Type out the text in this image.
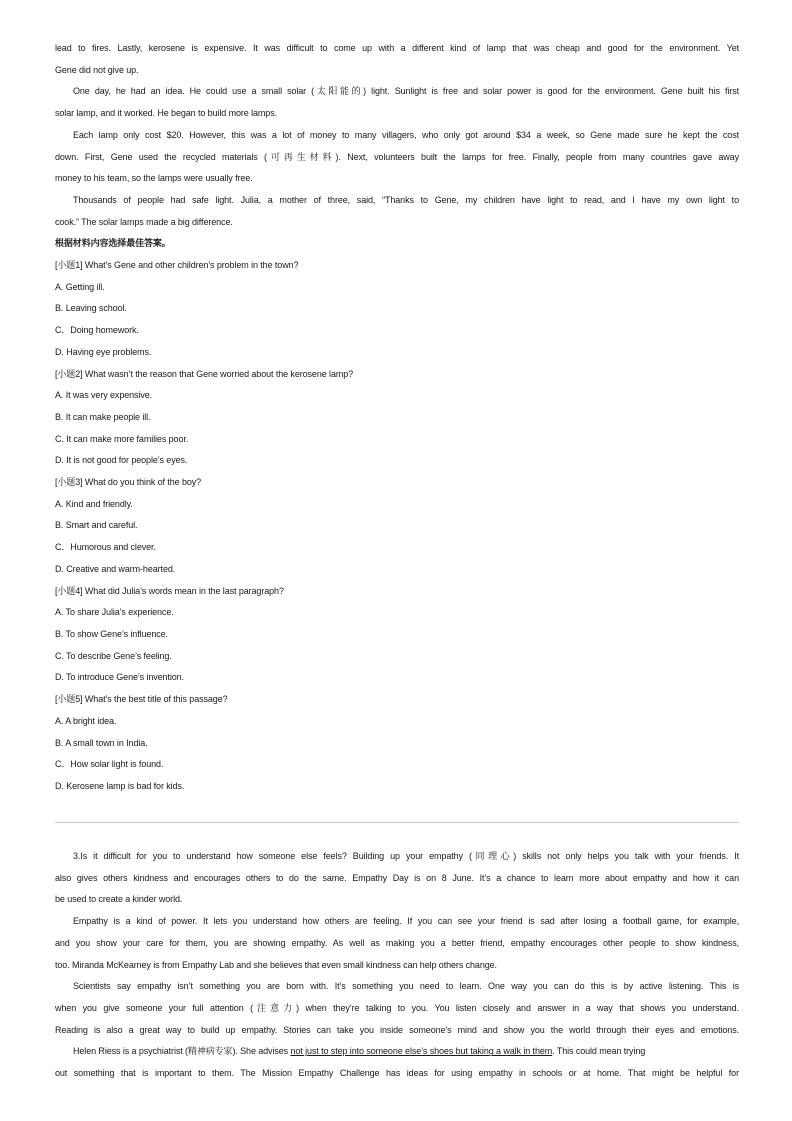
lead to fires. Lastly, kerosene is expensive. It was difficult to come up with a different kind of lamp that was cheap and good for the environment. Yet
Gene did not give up.
One day, he had an idea. He could use a small solar (太阳能的) light. Sunlight is free and solar power is good for the environment. Gene built his first
solar lamp, and it worked. He began to build more lamps.
Each lamp only cost $20. However, this was a lot of money to many villagers, who only got around $34 a week, so Gene made sure he kept the cost
down. First, Gene used the recycled materials (可再生材料). Next, volunteers built the lamps for free. Finally, people from many countries gave away
money to his team, so the lamps were usually free.
Thousands of people had safe light. Julia, a mother of three, said, “Thanks to Gene, my children have light to read, and I have my own light to
cook.” The solar lamps made a big difference.
根据材料内容选择最佳答案。
[小题1] What’s Gene and other children’s problem in the town?
A. Getting ill.
B. Leaving school.
C．Doing homework.
D. Having eye problems.
[小题2] What wasn’t the reason that Gene worried about the kerosene lamp?
A. It was very expensive.
B. It can make people ill.
C. It can make more families poor.
D. It is not good for people’s eyes.
[小题3] What do you think of the boy?
A. Kind and friendly.
B. Smart and careful.
C．Humorous and clever.
D. Creative and warm-hearted.
[小题4] What did Julia’s words mean in the last paragraph?
A. To share Julia’s experience.
B. To show Gene’s influence.
C. To describe Gene’s feeling.
D. To introduce Gene’s invention.
[小题5] What’s the best title of this passage?
A. A bright idea.
B. A small town in India.
C．How solar light is found.
D. Kerosene lamp is bad for kids.
3.Is it difficult for you to understand how someone else feels? Building up your empathy (同理心) skills not only helps you talk with your friends. It
also gives others kindness and encourages others to do the same. Empathy Day is on 8 June. It’s a chance to learn more about empathy and how it can
be used to create a kinder world.
Empathy is a kind of power. It lets you understand how others are feeling. If you can see your friend is sad after losing a football game, for example,
and you show your care for them, you are showing empathy. As well as making you a better friend, empathy encourages other people to show kindness,
too. Miranda McKearney is from Empathy Lab and she believes that even small kindness can help others change.
Scientists say empathy isn’t something you are born with. It’s something you need to learn. One way you can do this is by active listening. This is
when you give someone your full attention (注意力) when they’re talking to you. You listen closely and answer in a way that shows you understand.
Reading is also a great way to build up empathy. Stories can take you inside someone’s mind and show you the world through their eyes and emotions.
Helen Riess is a psychiatrist (精神病专家). She advises not just to step into someone else’s shoes but taking a walk in them. This could mean trying
out something that is important to them. The Mission Empathy Challenge has ideas for using empathy in schools or at home. That might be helpful for
